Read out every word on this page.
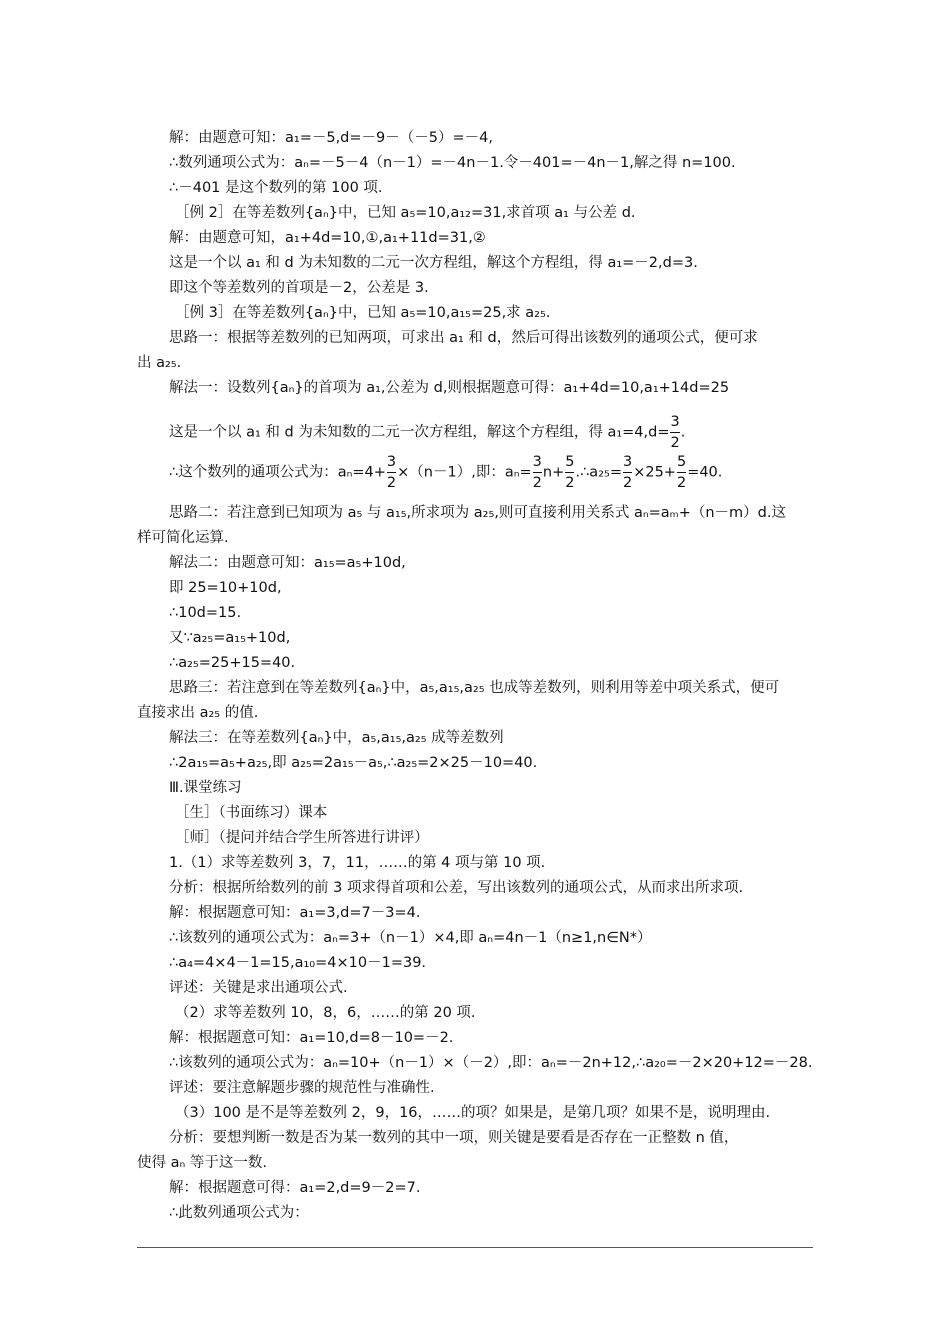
解：由题意可知：a₁=－5,d=－9－（－5）=－4,
∴数列通项公式为：aₙ=－5－4（n－1）=－4n－1.令－401=－4n－1,解之得 n=100.
∴－401 是这个数列的第 100 项.
［例 2］在等差数列{aₙ}中，已知 a₅=10,a₁₂=31,求首项 a₁ 与公差 d.
解：由题意可知，a₁+4d=10,①,a₁+11d=31,②
这是一个以 a₁ 和 d 为未知数的二元一次方程组，解这个方程组，得 a₁=－2,d=3.
即这个等差数列的首项是－2，公差是 3.
［例 3］在等差数列{aₙ}中，已知 a₅=10,a₁₅=25,求 a₂₅.
思路一：根据等差数列的已知两项，可求出 a₁ 和 d，然后可得出该数列的通项公式，便可求
出 a₂₅.
解法一：设数列{aₙ}的首项为 a₁,公差为 d,则根据题意可得：a₁+4d=10,a₁+14d=25
思路二：若注意到已知项为 a₅ 与 a₁₅,所求项为 a₂₅,则可直接利用关系式 aₙ=aₘ+（n－m）d.这
样可简化运算.
解法二：由题意可知：a₁₅=a₅+10d,
即 25=10+10d,
∴10d=15.
又∵a₂₅=a₁₅+10d,
∴a₂₅=25+15=40.
思路三：若注意到在等差数列{aₙ}中，a₅,a₁₅,a₂₅ 也成等差数列，则利用等差中项关系式，便可
直接求出 a₂₅ 的值.
解法三：在等差数列{aₙ}中，a₅,a₁₅,a₂₅ 成等差数列
∴2a₁₅=a₅+a₂₅,即 a₂₅=2a₁₅－a₅,∴a₂₅=2×25－10=40.
Ⅲ.课堂练习
［生］（书面练习）课本
［师］（提问并结合学生所答进行讲评）
1.（1）求等差数列 3，7，11，……的第 4 项与第 10 项.
分析：根据所给数列的前 3 项求得首项和公差，写出该数列的通项公式，从而求出所求项.
解：根据题意可知：a₁=3,d=7－3=4.
∴该数列的通项公式为：aₙ=3+（n－1）×4,即 aₙ=4n－1（n≥1,n∈N*）
∴a₄=4×4－1=15,a₁₀=4×10－1=39.
评述：关键是求出通项公式.
（2）求等差数列 10，8，6，……的第 20 项.
解：根据题意可知：a₁=10,d=8－10=－2.
∴该数列的通项公式为：aₙ=10+（n－1）×（－2）,即：aₙ=－2n+12,∴a₂₀=－2×20+12=－28.
评述：要注意解题步骤的规范性与准确性.
（3）100 是不是等差数列 2，9，16，……的项？如果是，是第几项？如果不是，说明理由.
分析：要想判断一数是否为某一数列的其中一项，则关键是要看是否存在一正整数 n 值，
使得 aₙ 等于这一数.
解：根据题意可得：a₁=2,d=9－2=7.
∴此数列通项公式为：
这是一个以 a₁ 和 d 为未知数的二元一次方程组，解这个方程组，得 $a_1=4,d= \frac{3}{2}$ .
∴这个数列的通项公式为：$a_n=4+ \frac{3}{2} \times(n-1)$,即：$a_n= \frac{3}{2} n+ \frac{5}{2}$ .∴a₂₅= $\frac{3}{2} \times 25+ \frac{5}{2} =40$.
